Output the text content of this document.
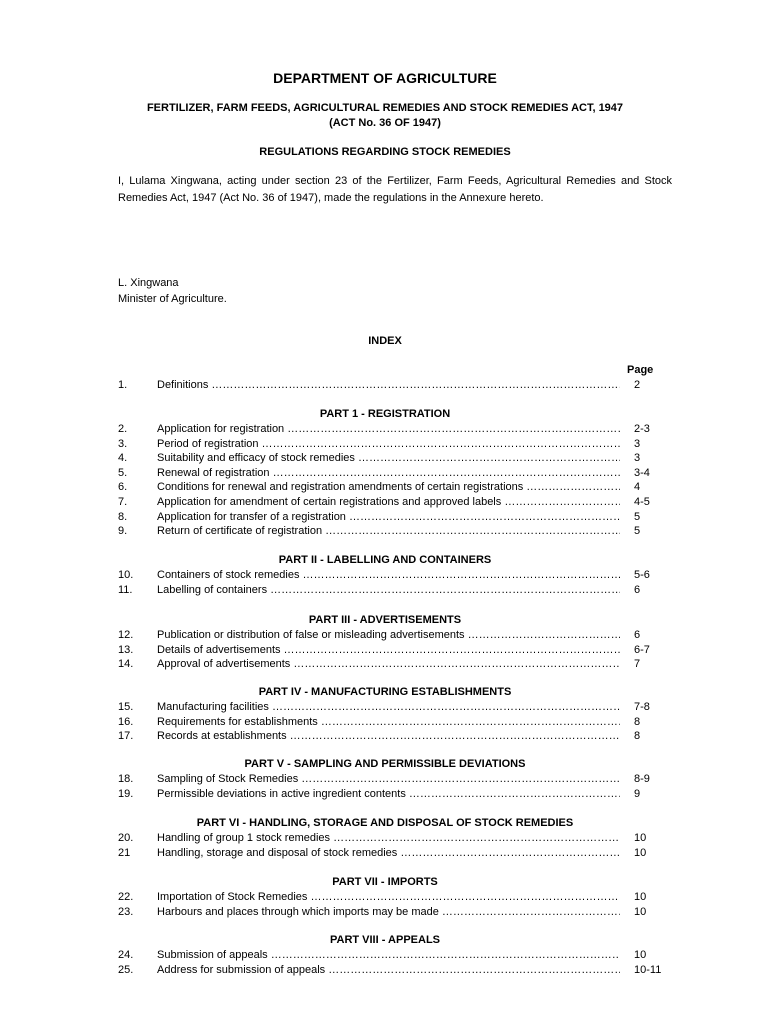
DEPARTMENT OF AGRICULTURE
FERTILIZER, FARM FEEDS, AGRICULTURAL REMEDIES AND STOCK REMEDIES ACT, 1947
(ACT No. 36 OF 1947)
REGULATIONS REGARDING STOCK REMEDIES
I, Lulama Xingwana, acting under section 23 of the Fertilizer, Farm Feeds, Agricultural Remedies and Stock Remedies Act, 1947 (Act No. 36 of 1947), made the regulations in the Annexure hereto.
L. Xingwana
Minister of Agriculture.
INDEX
Page
1.	Definitions ……………………………………………………………………………………………………………………………………………………………………	2
PART 1 - REGISTRATION
2.	Application for registration ……………………………………………………………………………………………………………………………………………………………………	2-3
3.	Period of registration ……………………………………………………………………………………………………………………………………………………………………	3
4.	Suitability and efficacy of stock remedies ……………………………………………………………………………………………………………………………………………………………………	3
5.	Renewal of registration ……………………………………………………………………………………………………………………………………………………………………	3-4
6.	Conditions for renewal and registration amendments of certain registrations ……………………………………………………………………………………………………………………………………………………………………	4
7.	Application for amendment of certain registrations and approved labels ……………………………………………………………………………………………………………………………………………………………………	4-5
8.	Application for transfer of a registration ……………………………………………………………………………………………………………………………………………………………………	5
9.	Return of certificate of registration ……………………………………………………………………………………………………………………………………………………………………	5
PART II - LABELLING AND CONTAINERS
10. Containers of stock remedies ……………………………………………………………………………………………………………………………………………………………………	5-6
11. Labelling of containers ……………………………………………………………………………………………………………………………………………………………………	6
PART III - ADVERTISEMENTS
12. Publication or distribution of false or misleading advertisements ……………………………………………………………………………………………………………………………………………………………………	6
13. Details of advertisements ……………………………………………………………………………………………………………………………………………………………………	6-7
14. Approval of advertisements ……………………………………………………………………………………………………………………………………………………………………	7
PART IV - MANUFACTURING ESTABLISHMENTS
15. Manufacturing facilities ……………………………………………………………………………………………………………………………………………………………………	7-8
16. Requirements for establishments ……………………………………………………………………………………………………………………………………………………………………	8
17. Records at establishments ……………………………………………………………………………………………………………………………………………………………………	8
PART V - SAMPLING AND PERMISSIBLE DEVIATIONS
18. Sampling of Stock Remedies ……………………………………………………………………………………………………………………………………………………………………	8-9
19. Permissible deviations in active ingredient contents ……………………………………………………………………………………………………………………………………………………………………	9
PART VI - HANDLING, STORAGE AND DISPOSAL OF STOCK REMEDIES
20. Handling of group 1 stock remedies ……………………………………………………………………………………………………………………………………………………………………	10
21 Handling, storage and disposal of stock remedies ……………………………………………………………………………………………………………………………………………………………………	10
PART VII - IMPORTS
22. Importation of Stock Remedies ……………………………………………………………………………………………………………………………………………………………………	10
23. Harbours and places through which imports may be made ……………………………………………………………………………………………………………………………………………………………………	10
PART VIII - APPEALS
24. Submission of appeals ……………………………………………………………………………………………………………………………………………………………………	10
25. Address for submission of appeals ……………………………………………………………………………………………………………………………………………………………………	10-11
